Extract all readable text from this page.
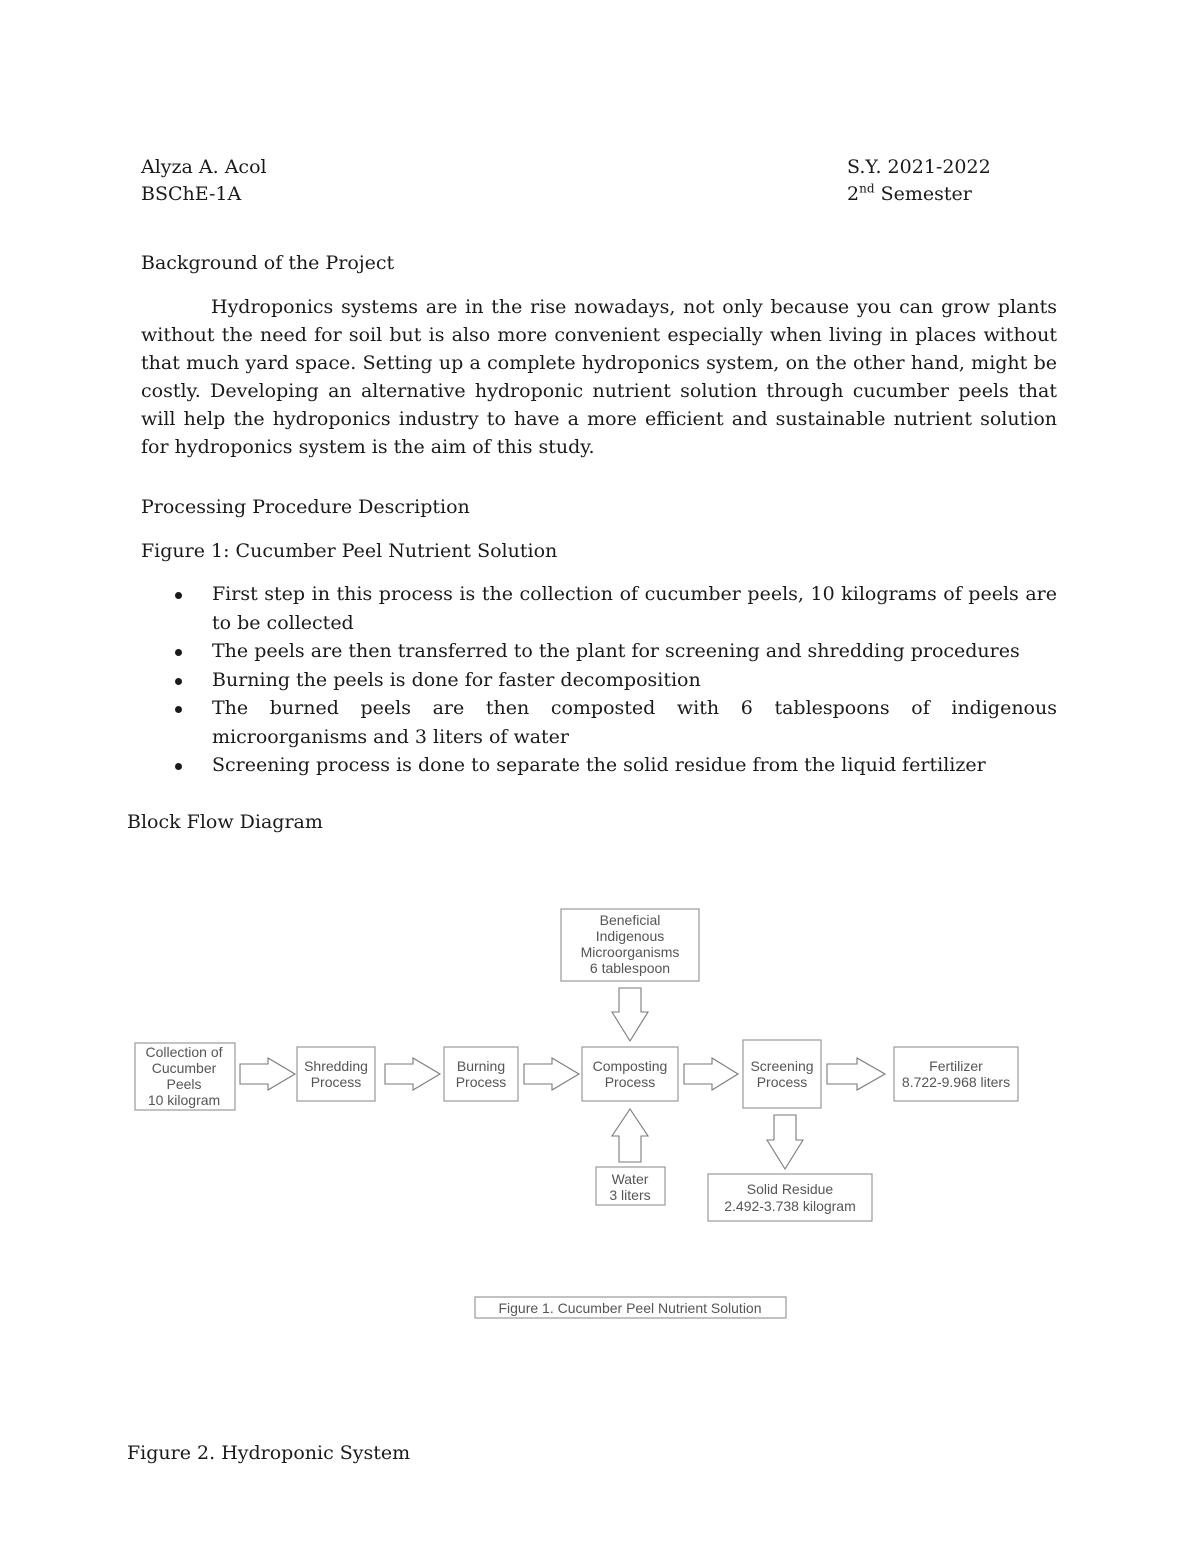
Alyza A. Acol
BSChE-1A
S.Y. 2021-2022
2nd Semester
Background of the Project

Hydroponics systems are in the rise nowadays, not only because you can grow plants without the need for soil but is also more convenient especially when living in places without that much yard space. Setting up a complete hydroponics system, on the other hand, might be costly. Developing an alternative hydroponic nutrient solution through cucumber peels that will help the hydroponics industry to have a more efficient and sustainable nutrient solution for hydroponics system is the aim of this study.

Processing Procedure Description
Figure 1: Cucumber Peel Nutrient Solution
First step in this process is the collection of cucumber peels, 10 kilograms of peels are to be collected
The peels are then transferred to the plant for screening and shredding procedures
Burning the peels is done for faster decomposition
The burned peels are then composted with 6 tablespoons of indigenous microorganisms and 3 liters of water
Screening process is done to separate the solid residue from the liquid fertilizer
Block Flow Diagram
Collection of
Cucumber
Peels
10 kilogram
Shredding
Process
Burning
Process
Composting
Process
Screening
Process
Fertilizer
8.722-9.968 liters
Beneficial
Indigenous
Microorganisms
6 tablespoon
Water
3 liters	Solid Residue
2.492-3.738 kilogram
Figure 1. Cucumber Peel Nutrient Solution
Figure 2. Hydroponic System
